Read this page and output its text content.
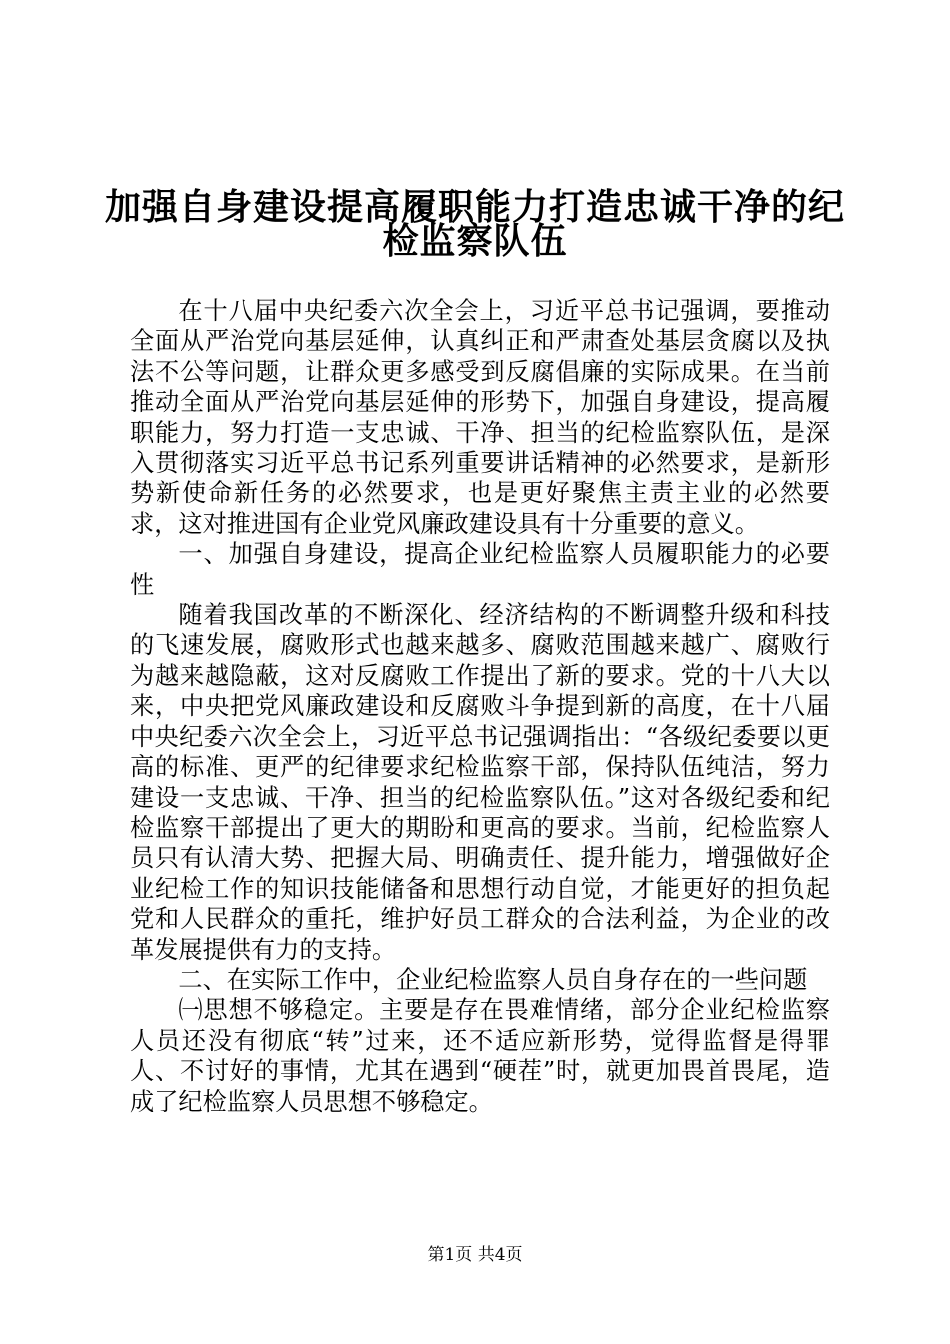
加强自身建设提高履职能力打造忠诚干净的纪
检监察队伍

在十八届中央纪委六次全会上，习近平总书记强调，要推动全面从严治党向基层延伸，认真纠正和严肃查处基层贪腐以及执法不公等问题，让群众更多感受到反腐倡廉的实际成果。在当前推动全面从严治党向基层延伸的形势下，加强自身建设，提高履职能力，努力打造一支忠诚、干净、担当的纪检监察队伍，是深入贯彻落实习近平总书记系列重要讲话精神的必然要求，是新形势新使命新任务的必然要求，也是更好聚焦主责主业的必然要求，这对推进国有企业党风廉政建设具有十分重要的意义。

一、加强自身建设，提高企业纪检监察人员履职能力的必要性

随着我国改革的不断深化、经济结构的不断调整升级和科技的飞速发展，腐败形式也越来越多、腐败范围越来越广、腐败行为越来越隐蔽，这对反腐败工作提出了新的要求。党的十八大以来，中央把党风廉政建设和反腐败斗争提到新的高度，在十八届中央纪委六次全会上，习近平总书记强调指出：“各级纪委要以更高的标准、更严的纪律要求纪检监察干部，保持队伍纯洁，努力建设一支忠诚、干净、担当的纪检监察队伍。”这对各级纪委和纪检监察干部提出了更大的期盼和更高的要求。当前，纪检监察人员只有认清大势、把握大局、明确责任、提升能力，增强做好企业纪检工作的知识技能储备和思想行动自觉，才能更好的担负起党和人民群众的重托，维护好员工群众的合法利益，为企业的改革发展提供有力的支持。

二、在实际工作中，企业纪检监察人员自身存在的一些问题

㈠思想不够稳定。主要是存在畏难情绪，部分企业纪检监察人员还没有彻底“转”过来，还不适应新形势，觉得监督是得罪人、不讨好的事情，尤其在遇到“硬茬”时，就更加畏首畏尾，造成了纪检监察人员思想不够稳定。

第1页 共4页
